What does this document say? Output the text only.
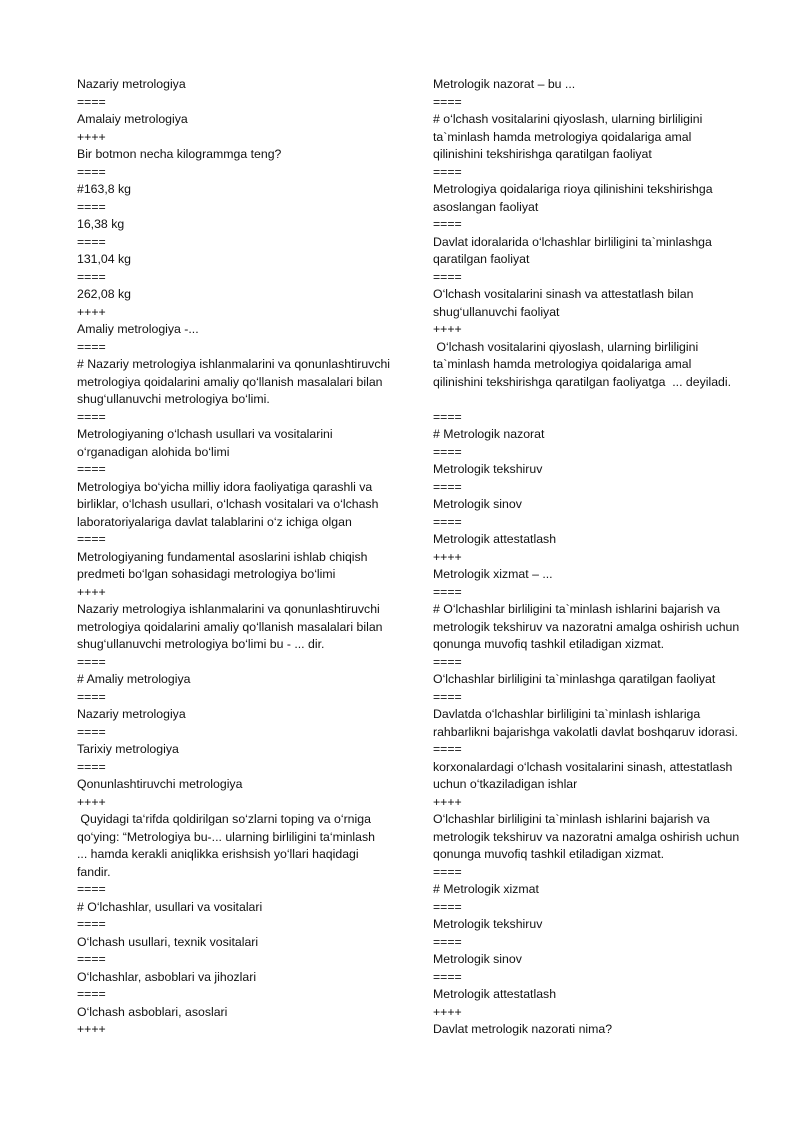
Nazariy metrologiya
====
Amalaiy metrologiya
++++
Bir botmon necha kilogrammga teng?
====
#163,8 kg
====
16,38 kg
====
131,04 kg
====
262,08 kg
++++
Amaliy metrologiya -...
====
# Nazariy metrologiya ishlanmalarini va qonunlashtiruvchi
metrologiya qoidalarini amaliy qo‘llanish masalalari bilan
shug‘ullanuvchi metrologiya bo‘limi.
====
Metrologiyaning o‘lchash usullari va vositalarini
o‘rganadigan alohida bo‘limi
====
Metrologiya bo‘yicha milliy idora faoliyatiga qarashli va
birliklar, o‘lchash usullari, o‘lchash vositalari va o‘lchash
laboratoriyalariga davlat talablarini o‘z ichiga olgan
====
Metrologiyaning fundamental asoslarini ishlab chiqish
predmeti bo‘lgan sohasidagi metrologiya bo‘limi
++++
Nazariy metrologiya ishlanmalarini va qonunlashtiruvchi
metrologiya qoidalarini amaliy qo‘llanish masalalari bilan
shug‘ullanuvchi metrologiya bo‘limi bu - ... dir.
====
# Amaliy metrologiya
====
Nazariy metrologiya
====
Tarixiy metrologiya
====
Qonunlashtiruvchi metrologiya
++++
Quyidagi ta‘rifda qoldirilgan so‘zlarni toping va o‘rniga
qo‘ying: “Metrologiya bu-... ularning birliligini ta‘minlash
... hamda kerakli aniqlikka erishsish yo‘llari haqidagi
fandir.
====
# O‘lchashlar, usullari va vositalari
====
O‘lchash usullari, texnik vositalari
====
O‘lchashlar, asboblari va jihozlari
====
O‘lchash asboblari, asoslari
++++
Metrologik nazorat – bu ...
====
# o‘lchash vositalarini qiyoslash, ularning birliligini
ta`minlash hamda metrologiya qoidalariga amal
qilinishini tekshirishga qaratilgan faoliyat
====
Metrologiya qoidalariga rioya qilinishini tekshirishga
asoslangan faoliyat
====
Davlat idoralarida o‘lchashlar birliligini ta`minlashga
qaratilgan faoliyat
====
O‘lchash vositalarini sinash va attestatlash bilan
shug‘ullanuvchi faoliyat
++++
O‘lchash vositalarini qiyoslash, ularning birliligini
ta`minlash hamda metrologiya qoidalariga amal
qilinishini tekshirishga qaratilgan faoliyatga  ... deyiladi.
====
# Metrologik nazorat
====
Metrologik tekshiruv
====
Metrologik sinov
====
Metrologik attestatlash
++++
Metrologik xizmat – ...
====
# O‘lchashlar birliligini ta`minlash ishlarini bajarish va
metrologik tekshiruv va nazoratni amalga oshirish uchun
qonunga muvofiq tashkil etiladigan xizmat.
====
O‘lchashlar birliligini ta`minlashga qaratilgan faoliyat
====
Davlatda o‘lchashlar birliligini ta`minlash ishlariga
rahbarlikni bajarishga vakolatli davlat boshqaruv idorasi.
====
korxonalardagi o‘lchash vositalarini sinash, attestatlash
uchun o‘tkaziladigan ishlar
++++
O‘lchashlar birliligini ta`minlash ishlarini bajarish va
metrologik tekshiruv va nazoratni amalga oshirish uchun
qonunga muvofiq tashkil etiladigan xizmat.
====
# Metrologik xizmat
====
Metrologik tekshiruv
====
Metrologik sinov
====
Metrologik attestatlash
++++
Davlat metrologik nazorati nima?
